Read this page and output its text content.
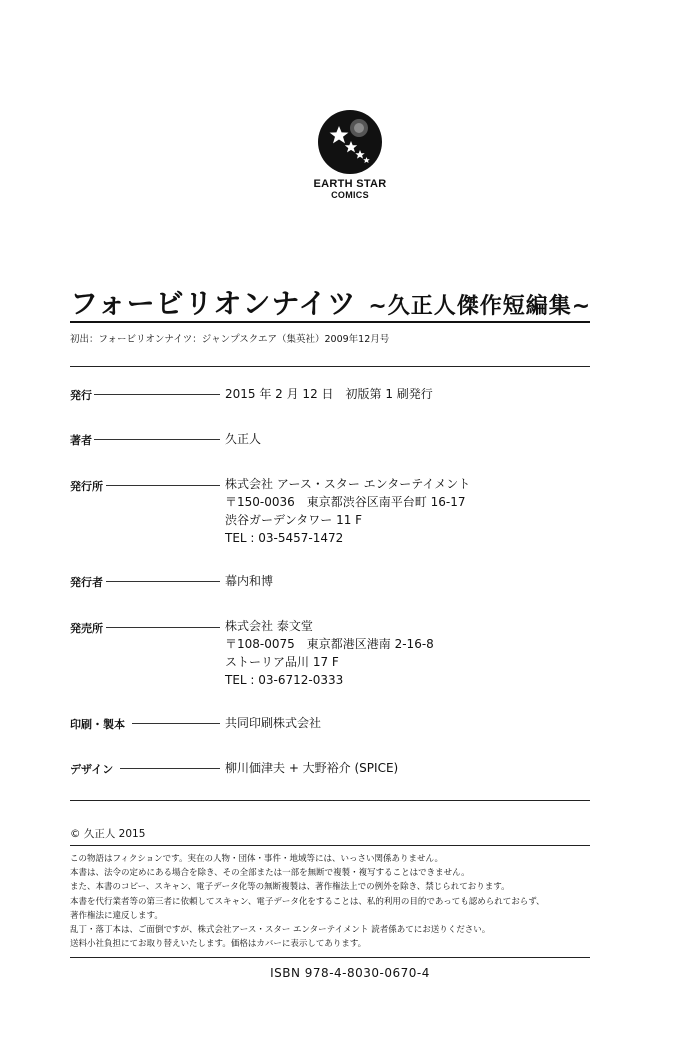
EARTH STAR
COMICS
フォービリオンナイツ ~久正人傑作短編集~
初出：フォービリオンナイツ：ジャンプスクエア（集英社）2009年12月号
発行	2015 年 2 月 12 日　初版第 1 刷発行
著者	久正人
発行所	株式会社 アース・スター エンターテイメント
〒150-0036　東京都渋谷区南平台町 16-17
渋谷ガーデンタワー 11 F
TEL : 03-5457-1472
発行者	幕内和博
発売所	株式会社 泰文堂
〒108-0075　東京都港区港南 2-16-8
ストーリア品川 17 F
TEL : 03-6712-0333
印刷・製本	共同印刷株式会社
デザイン	柳川価津夫 + 大野裕介 (SPICE)
© 久正人 2015
この物語はフィクションです。実在の人物・団体・事件・地域等には、いっさい関係ありません。
本書は、法令の定めにある場合を除き、その全部または一部を無断で複製・複写することはできません。
また、本書のコピー、スキャン、電子データ化等の無断複製は、著作権法上での例外を除き、禁じられております。
本書を代行業者等の第三者に依頼してスキャン、電子データ化をすることは、私的利用の目的であっても認められておらず、
著作権法に違反します。
乱丁・落丁本は、ご面倒ですが、株式会社アース・スター エンターテイメント 読者係あてにお送りください。
送料小社負担にてお取り替えいたします。価格はカバーに表示してあります。
ISBN 978-4-8030-0670-4
